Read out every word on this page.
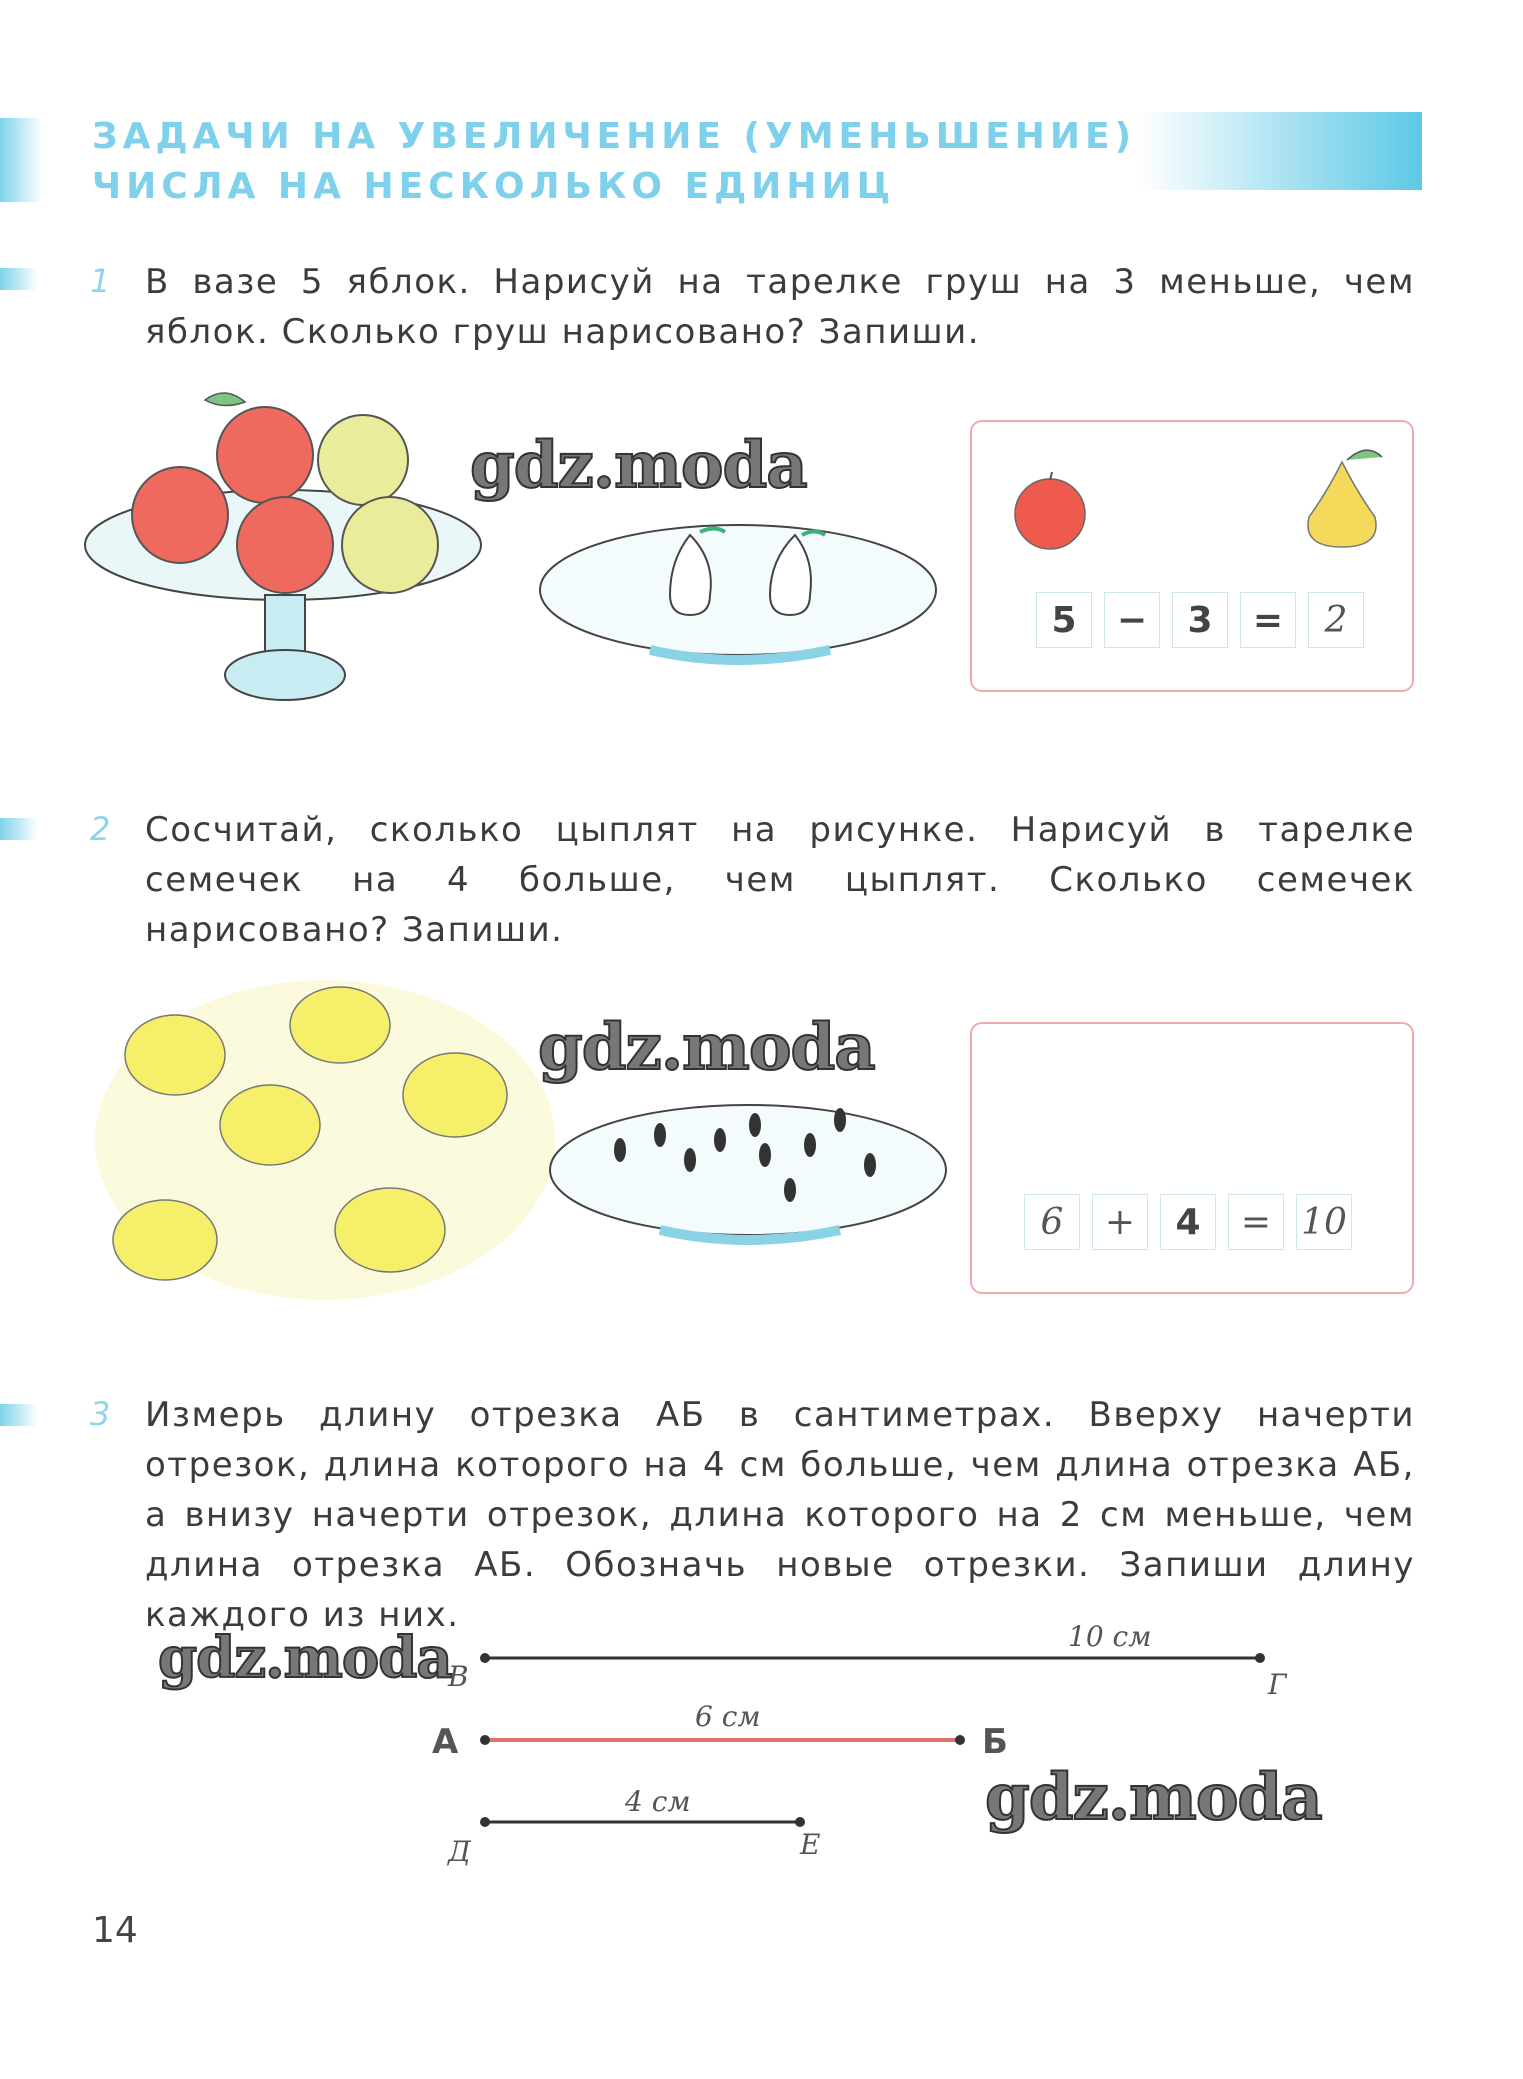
ЗАДАЧИ НА УВЕЛИЧЕНИЕ (УМЕНЬШЕНИЕ)
ЧИСЛА НА НЕСКОЛЬКО ЕДИНИЦ
1 В вазе 5 яблок. Нарисуй на тарелке груш на 3 меньше, чем яблок. Сколько груш нарисовано? Запиши.
gdz.moda
5	−	3	=	2
2 Сосчитай, сколько цыплят на рисунке. Нарисуй в тарелке семечек на 4 больше, чем цыплят. Сколько семечек нарисовано? Запиши.
gdz.moda
6	+	4	= 10
3 Измерь длину отрезка АБ в сантиметрах. Вверху начерти отрезок, длина которого на 4 см больше, чем длина отрезка АБ, а внизу начерти отрезок, длина которого на 2 см меньше, чем длина отрезка АБ. Обозначь новые отрезки. Запиши длину каждого из них.
gdz.moda
gdz.moda
В	Г
10 см
А	Б
6 см
Д	Е
4 см
14
